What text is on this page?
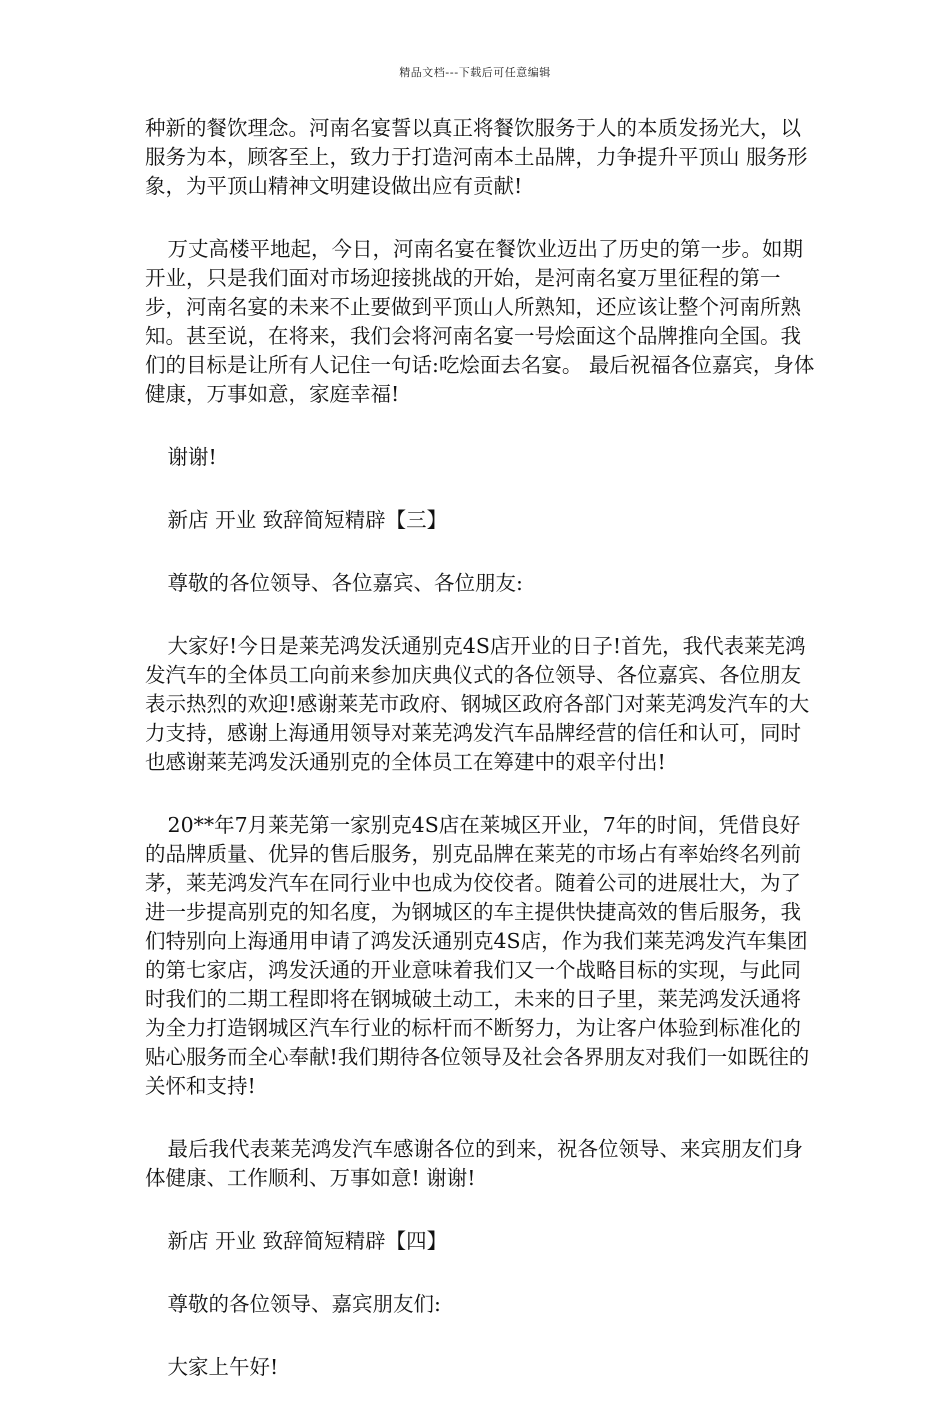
精品文档---下载后可任意编辑

种新的餐饮理念。河南名宴誓以真正将餐饮服务于人的本质发扬光大，以服务为本，顾客至上，致力于打造河南本土品牌，力争提升平顶山 服务形象，为平顶山精神文明建设做出应有贡献!

万丈高楼平地起，今日，河南名宴在餐饮业迈出了历史的第一步。如期开业，只是我们面对市场迎接挑战的开始，是河南名宴万里征程的第一步，河南名宴的未来不止要做到平顶山人所熟知，还应该让整个河南所熟知。甚至说，在将来，我们会将河南名宴一号烩面这个品牌推向全国。我们的目标是让所有人记住一句话:吃烩面去名宴。 最后祝福各位嘉宾，身体健康，万事如意，家庭幸福!

谢谢!

新店 开业 致辞简短精辟【三】

尊敬的各位领导、各位嘉宾、各位朋友:

大家好!今日是莱芜鸿发沃通别克4S店开业的日子!首先，我代表莱芜鸿发汽车的全体员工向前来参加庆典仪式的各位领导、各位嘉宾、各位朋友表示热烈的欢迎!感谢莱芜市政府、钢城区政府各部门对莱芜鸿发汽车的大力支持，感谢上海通用领导对莱芜鸿发汽车品牌经营的信任和认可，同时也感谢莱芜鸿发沃通别克的全体员工在筹建中的艰辛付出!

20**年7月莱芜第一家别克4S店在莱城区开业，7年的时间，凭借良好的品牌质量、优异的售后服务，别克品牌在莱芜的市场占有率始终名列前茅，莱芜鸿发汽车在同行业中也成为佼佼者。随着公司的进展壮大，为了进一步提高别克的知名度，为钢城区的车主提供快捷高效的售后服务，我们特别向上海通用申请了鸿发沃通别克4S店，作为我们莱芜鸿发汽车集团的第七家店，鸿发沃通的开业意味着我们又一个战略目标的实现，与此同时我们的二期工程即将在钢城破土动工，未来的日子里，莱芜鸿发沃通将为全力打造钢城区汽车行业的标杆而不断努力，为让客户体验到标准化的贴心服务而全心奉献!我们期待各位领导及社会各界朋友对我们一如既往的关怀和支持!

最后我代表莱芜鸿发汽车感谢各位的到来，祝各位领导、来宾朋友们身体健康、工作顺利、万事如意! 谢谢!

新店 开业 致辞简短精辟【四】

尊敬的各位领导、嘉宾朋友们:

大家上午好!
